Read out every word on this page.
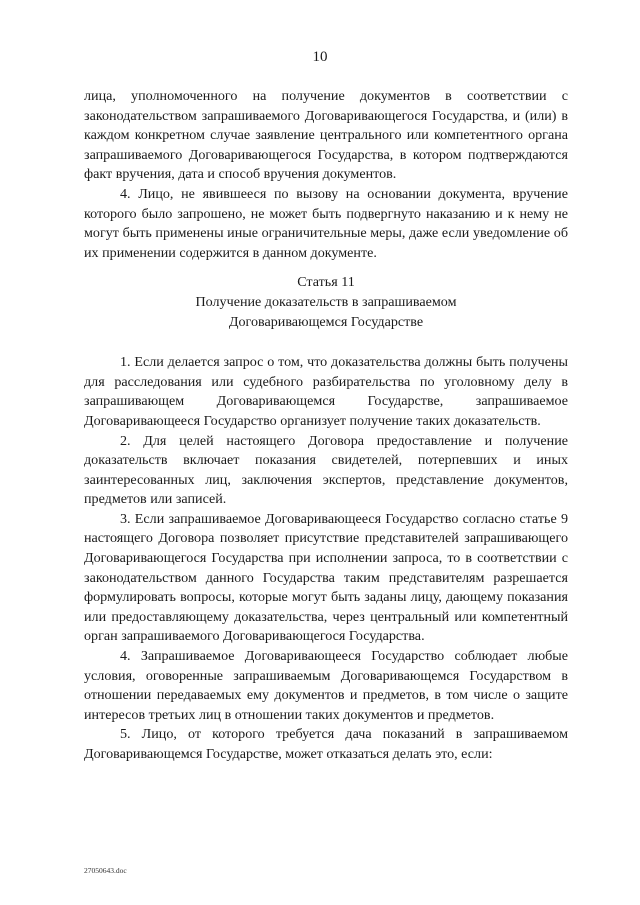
10

лица, уполномоченного на получение документов в соответствии с законодательством запрашиваемого Договаривающегося Государства, и (или) в каждом конкретном случае заявление центрального или компетентного органа запрашиваемого Договаривающегося Государства, в котором подтверждаются факт вручения, дата и способ вручения документов.

4. Лицо, не явившееся по вызову на основании документа, вручение которого было запрошено, не может быть подвергнуто наказанию и к нему не могут быть применены иные ограничительные меры, даже если уведомление об их применении содержится в данном документе.

Статья 11
Получение доказательств в запрашиваемом
Договаривающемся Государстве

1. Если делается запрос о том, что доказательства должны быть получены для расследования или судебного разбирательства по уголовному делу в запрашивающем Договаривающемся Государстве, запрашиваемое Договаривающееся Государство организует получение таких доказательств.

2. Для целей настоящего Договора предоставление и получение доказательств включает показания свидетелей, потерпевших и иных заинтересованных лиц, заключения экспертов, представление документов, предметов или записей.

3. Если запрашиваемое Договаривающееся Государство согласно статье 9 настоящего Договора позволяет присутствие представителей запрашивающего Договаривающегося Государства при исполнении запроса, то в соответствии с законодательством данного Государства таким представителям разрешается формулировать вопросы, которые могут быть заданы лицу, дающему показания или предоставляющему доказательства, через центральный или компетентный орган запрашиваемого Договаривающегося Государства.

4. Запрашиваемое Договаривающееся Государство соблюдает любые условия, оговоренные запрашиваемым Договаривающемся Государством в отношении передаваемых ему документов и предметов, в том числе о защите интересов третьих лиц в отношении таких документов и предметов.

5. Лицо, от которого требуется дача показаний в запрашиваемом Договаривающемся Государстве, может отказаться делать это, если:

27050643.doc
